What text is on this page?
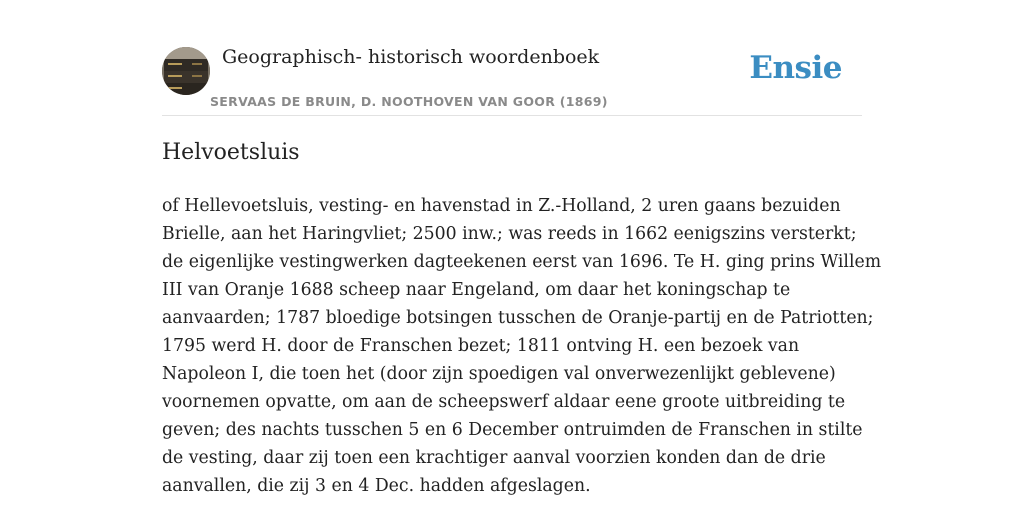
Geographisch- historisch woordenboek
SERVAAS DE BRUIN, D. NOOTHOVEN VAN GOOR (1869)
Ensie
Helvoetsluis

of Hellevoetsluis, vesting- en havenstad in Z.-Holland, 2 uren gaans bezuiden Brielle, aan het Haringvliet; 2500 inw.; was reeds in 1662 eenigszins versterkt; de eigenlijke vestingwerken dagteekenen eerst van 1696. Te H. ging prins Willem III van Oranje 1688 scheep naar Engeland, om daar het koningschap te aanvaarden; 1787 bloedige botsingen tusschen de Oranje-partij en de Patriotten; 1795 werd H. door de Franschen bezet; 1811 ontving H. een bezoek van Napoleon I, die toen het (door zijn spoedigen val onverwezenlijkt geblevene) voornemen opvatte, om aan de scheepswerf aldaar eene groote uitbreiding te geven; des nachts tusschen 5 en 6 December ontruimden de Franschen in stilte de vesting, daar zij toen een krachtiger aanval voorzien konden dan de drie aanvallen, die zij 3 en 4 Dec. hadden afgeslagen.
